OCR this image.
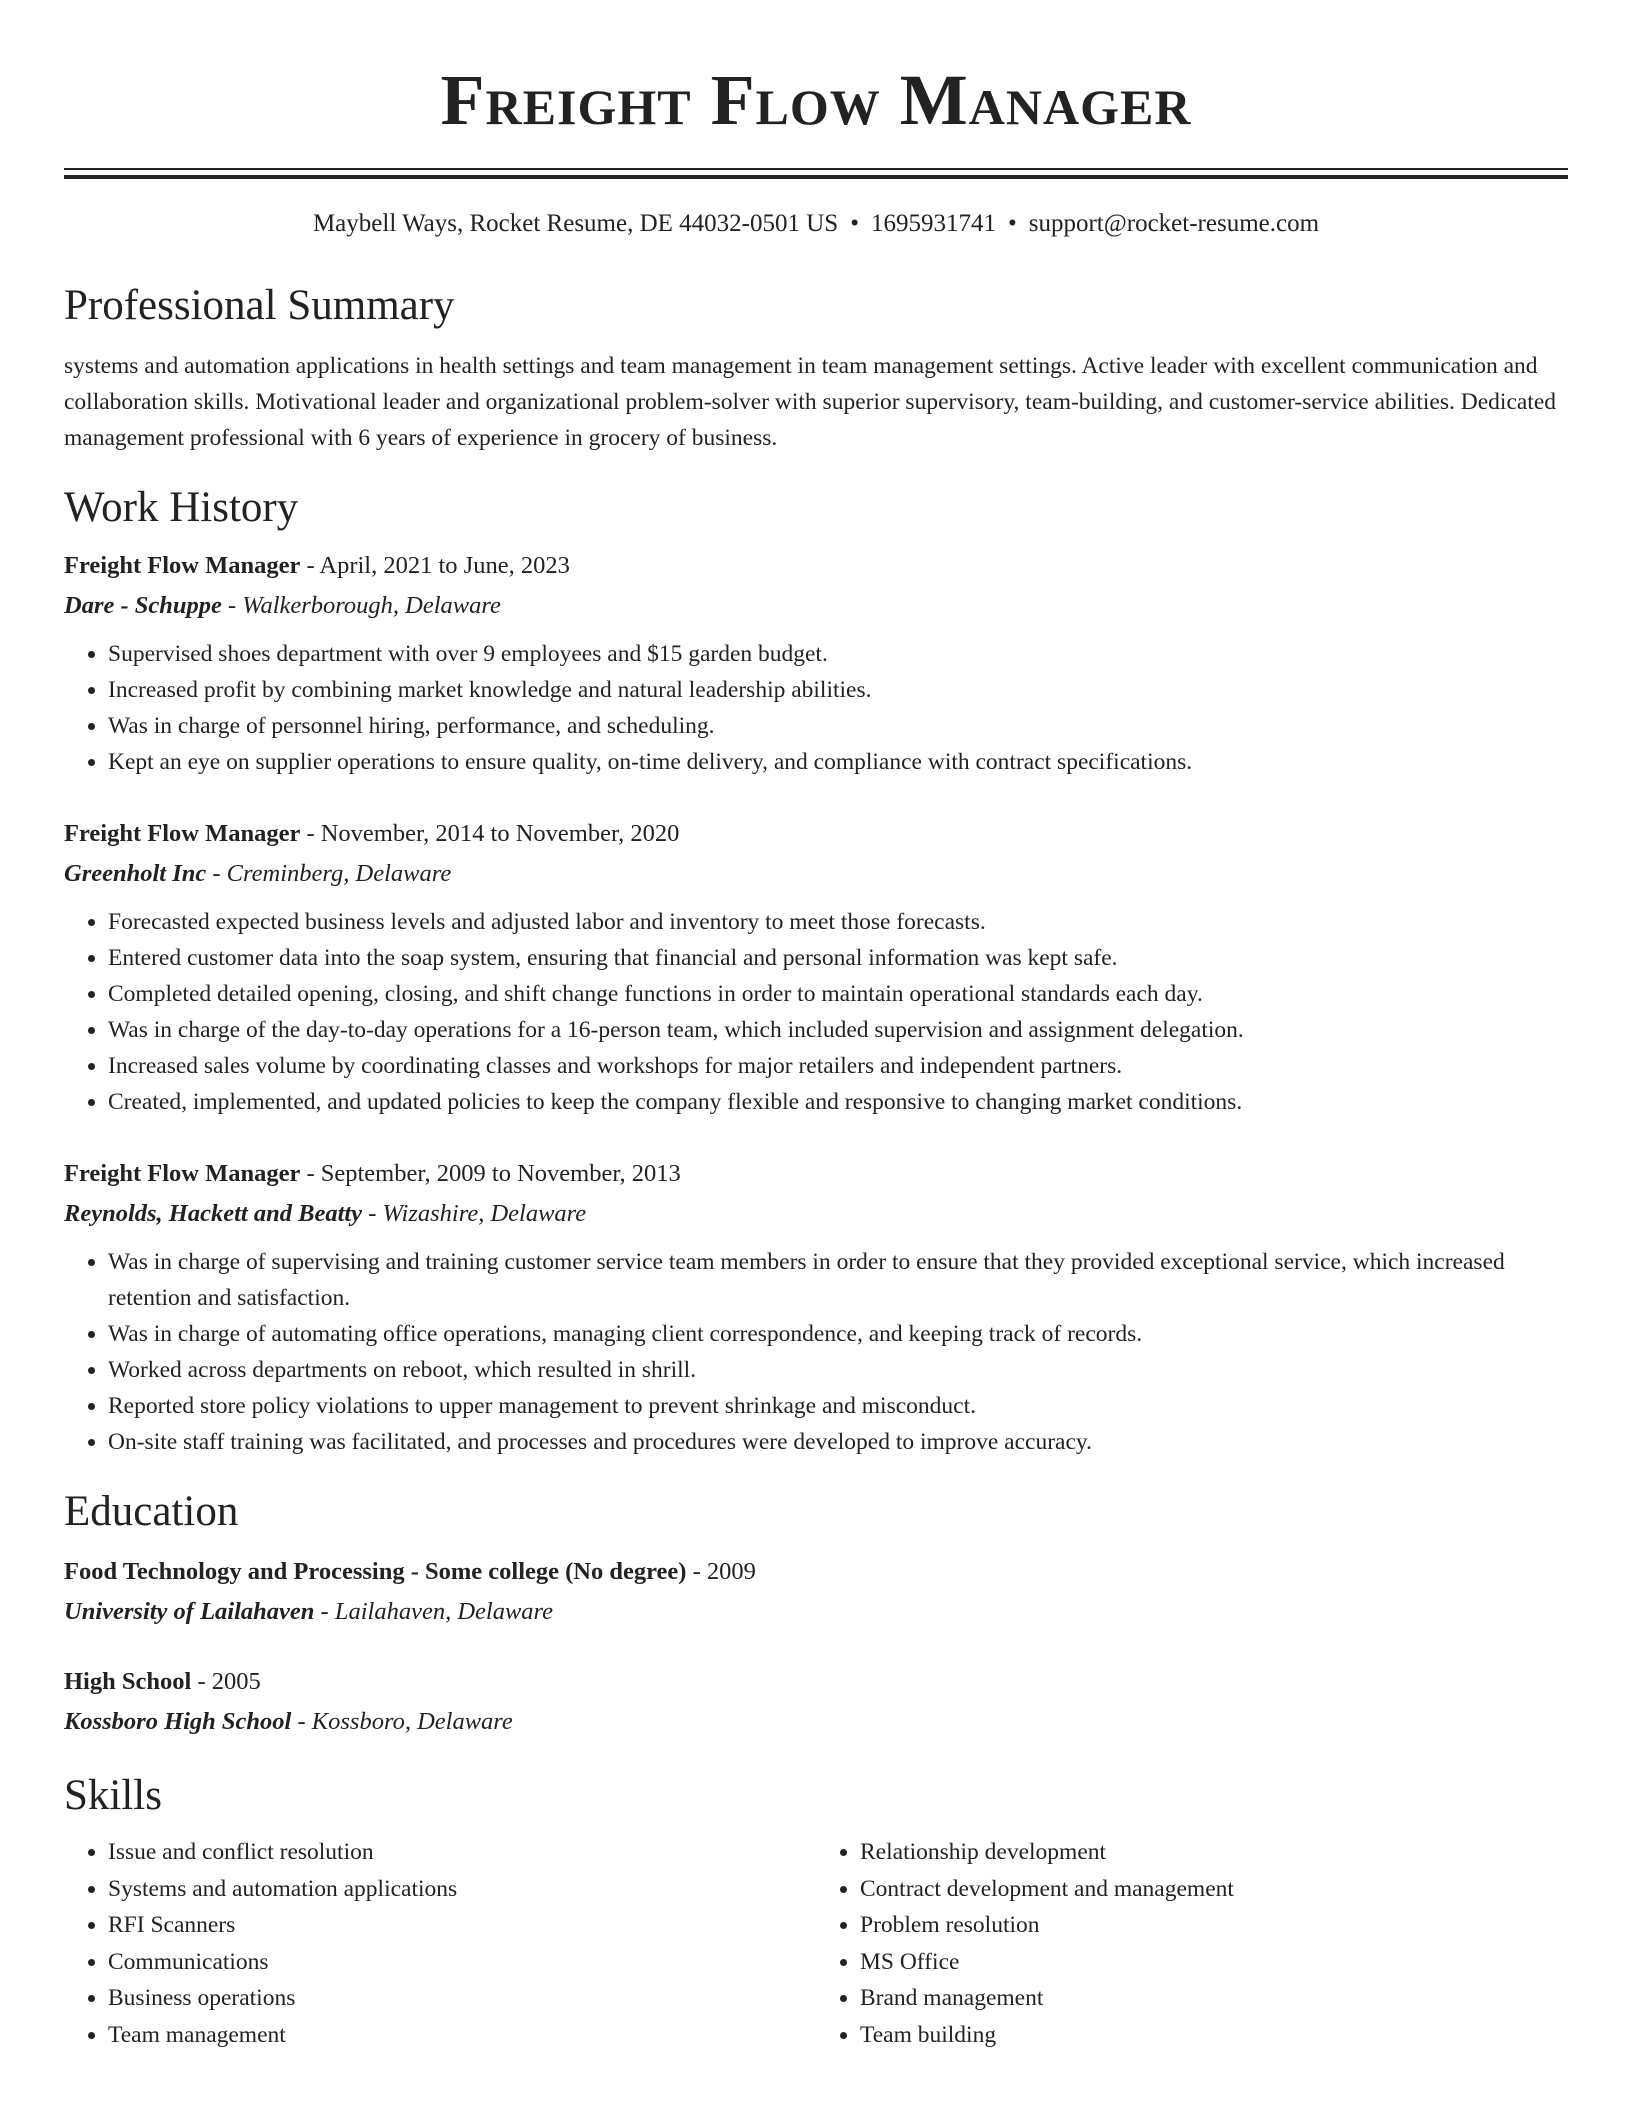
Freight Flow Manager
Maybell Ways, Rocket Resume, DE 44032-0501 US • 1695931741 • support@rocket-resume.com
Professional Summary

systems and automation applications in health settings and team management in team management settings. Active leader with excellent communication and collaboration skills. Motivational leader and organizational problem-solver with superior supervisory, team-building, and customer-service abilities. Dedicated management professional with 6 years of experience in grocery of business.

Work History
Freight Flow Manager - April, 2021 to June, 2023
Dare - Schuppe - Walkerborough, Delaware
• Supervised shoes department with over 9 employees and $15 garden budget.
• Increased profit by combining market knowledge and natural leadership abilities.
• Was in charge of personnel hiring, performance, and scheduling.
• Kept an eye on supplier operations to ensure quality, on-time delivery, and compliance with contract specifications.
Freight Flow Manager - November, 2014 to November, 2020
Greenholt Inc - Creminberg, Delaware
• Forecasted expected business levels and adjusted labor and inventory to meet those forecasts.
• Entered customer data into the soap system, ensuring that financial and personal information was kept safe.
• Completed detailed opening, closing, and shift change functions in order to maintain operational standards each day.
• Was in charge of the day-to-day operations for a 16-person team, which included supervision and assignment delegation.
• Increased sales volume by coordinating classes and workshops for major retailers and independent partners.
• Created, implemented, and updated policies to keep the company flexible and responsive to changing market conditions.
Freight Flow Manager - September, 2009 to November, 2013
Reynolds, Hackett and Beatty - Wizashire, Delaware
• Was in charge of supervising and training customer service team members in order to ensure that they provided exceptional service, which increased retention and satisfaction.
• Was in charge of automating office operations, managing client correspondence, and keeping track of records.
• Worked across departments on reboot, which resulted in shrill.
• Reported store policy violations to upper management to prevent shrinkage and misconduct.
• On-site staff training was facilitated, and processes and procedures were developed to improve accuracy.
Education
Food Technology and Processing - Some college (No degree) - 2009
University of Lailahaven - Lailahaven, Delaware
High School - 2005
Kossboro High School - Kossboro, Delaware
Skills
• Issue and conflict resolution
• Systems and automation applications
• RFI Scanners
• Communications
• Business operations
• Team management
• Relationship development
• Contract development and management
• Problem resolution
• MS Office
• Brand management
• Team building
